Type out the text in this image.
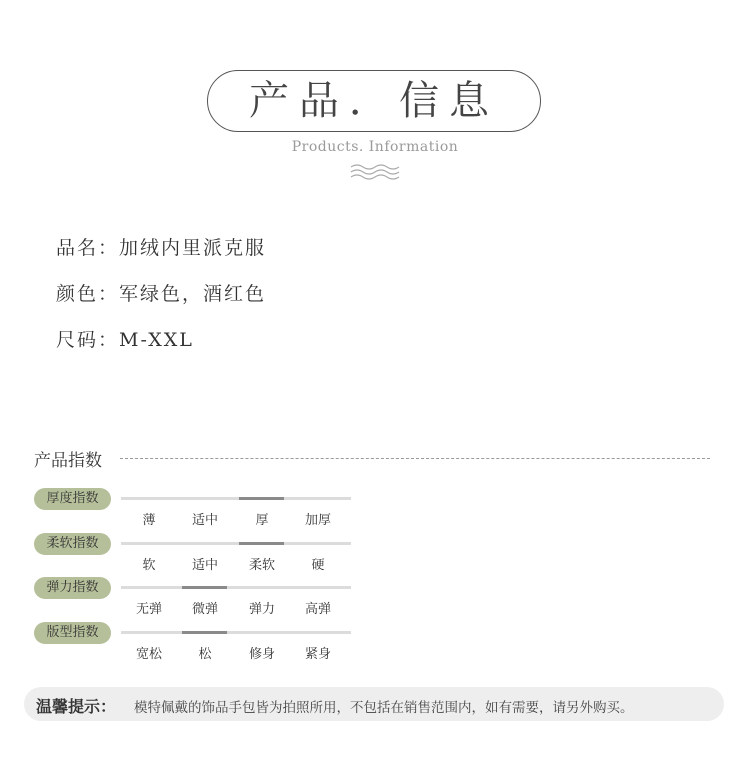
产品．信息
Products. Information
品名：加绒内里派克服
颜色：军绿色，酒红色
尺码：M-XXL
产品指数
厚度指数
薄	适中	厚	加厚
柔软指数
软	适中	柔软	硬
弹力指数
无弹	微弹	弹力	高弹
版型指数
宽松	松	修身	紧身
温馨提示： 模特佩戴的饰品手包皆为拍照所用，不包括在销售范围内，如有需要，请另外购买。
